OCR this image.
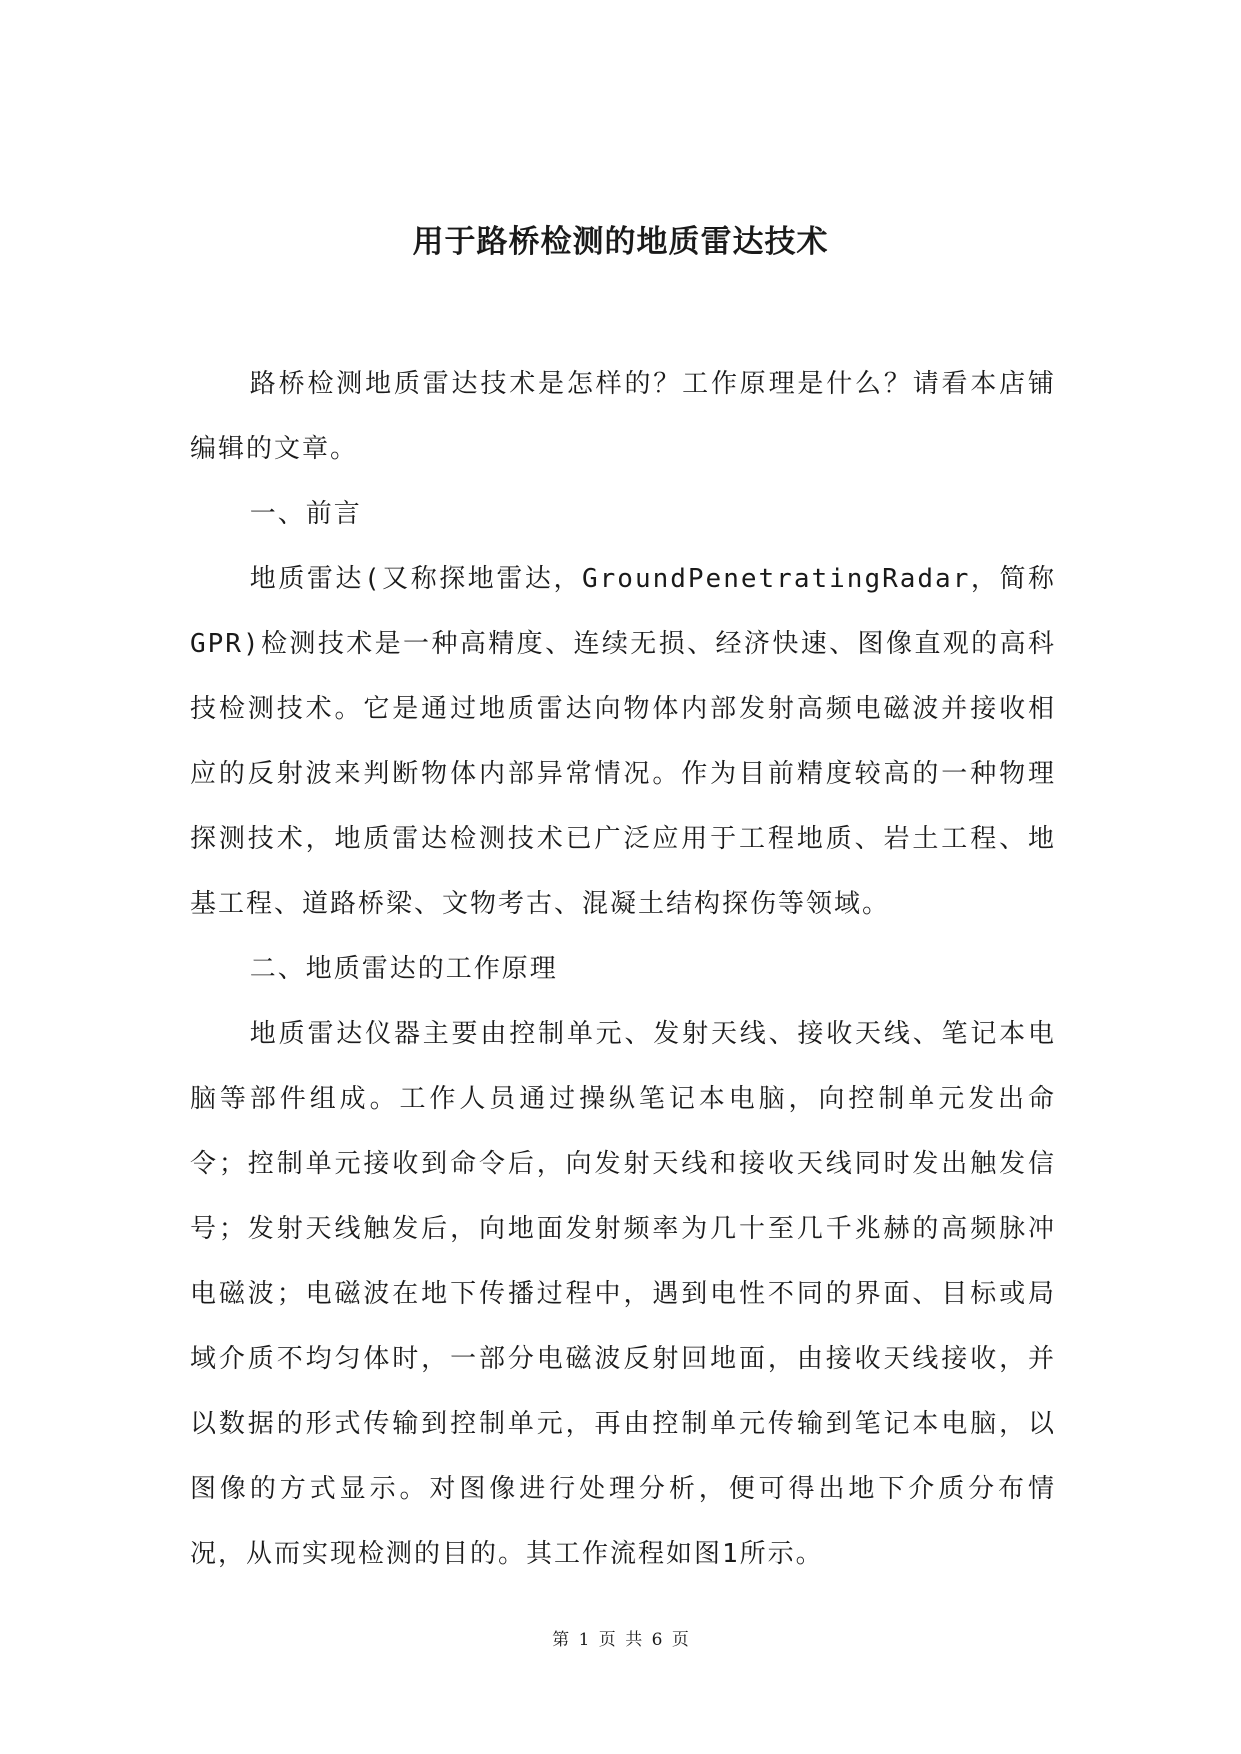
用于路桥检测的地质雷达技术

路桥检测地质雷达技术是怎样的？工作原理是什么？请看本店铺编辑的文章。

一、前言

地质雷达(又称探地雷达，GroundPenetratingRadar，简称GPR)检测技术是一种高精度、连续无损、经济快速、图像直观的高科技检测技术。它是通过地质雷达向物体内部发射高频电磁波并接收相应的反射波来判断物体内部异常情况。作为目前精度较高的一种物理探测技术，地质雷达检测技术已广泛应用于工程地质、岩土工程、地基工程、道路桥梁、文物考古、混凝土结构探伤等领域。

二、地质雷达的工作原理

地质雷达仪器主要由控制单元、发射天线、接收天线、笔记本电脑等部件组成。工作人员通过操纵笔记本电脑，向控制单元发出命令；控制单元接收到命令后，向发射天线和接收天线同时发出触发信号；发射天线触发后，向地面发射频率为几十至几千兆赫的高频脉冲电磁波；电磁波在地下传播过程中，遇到电性不同的界面、目标或局域介质不均匀体时，一部分电磁波反射回地面，由接收天线接收，并以数据的形式传输到控制单元，再由控制单元传输到笔记本电脑，以图像的方式显示。对图像进行处理分析，便可得出地下介质分布情况，从而实现检测的目的。其工作流程如图1所示。

第 1 页 共 6 页
